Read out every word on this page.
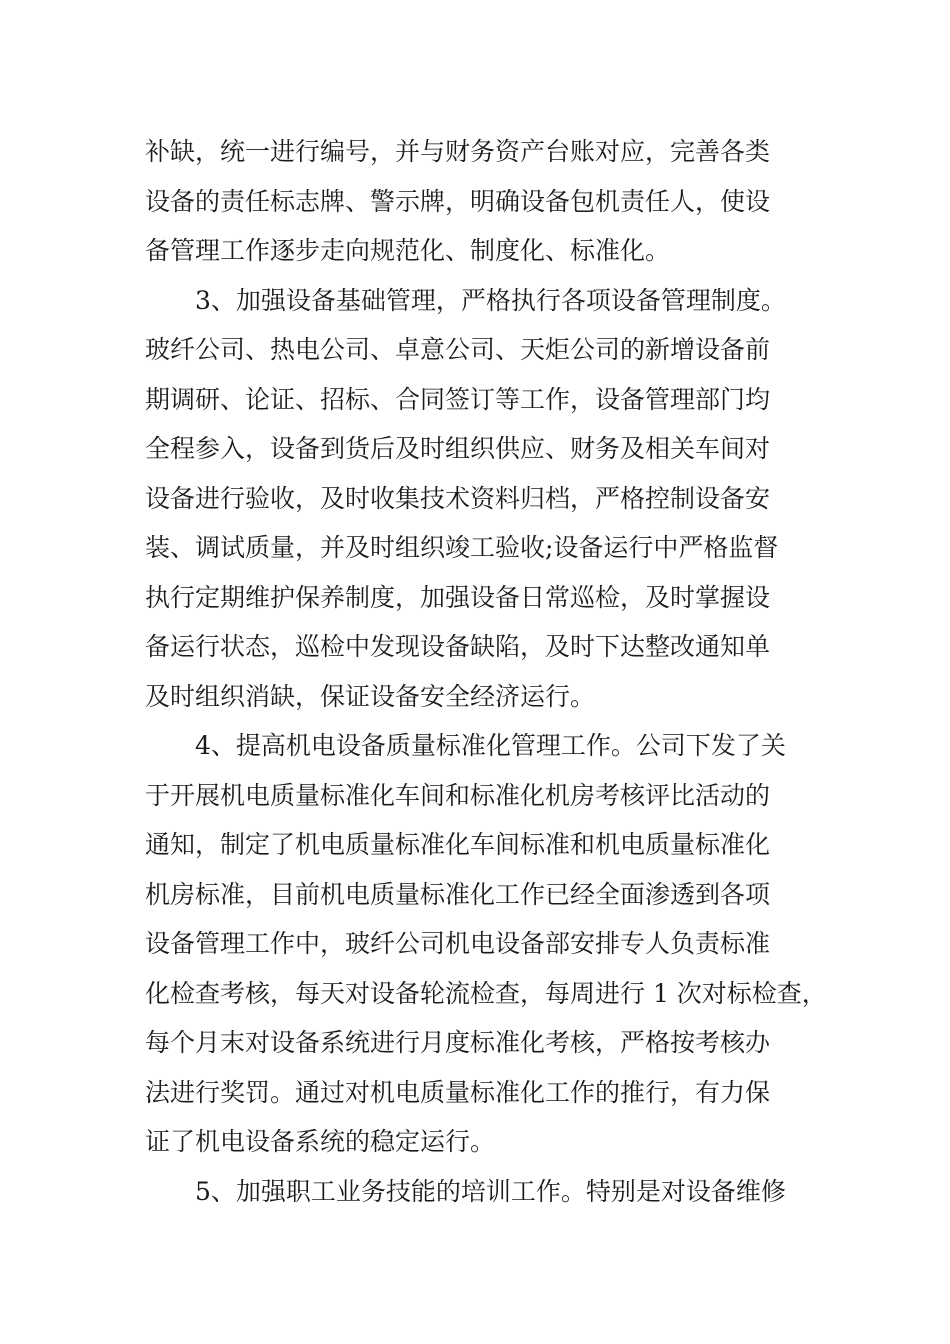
补缺，统一进行编号，并与财务资产台账对应，完善各类
设备的责任标志牌、警示牌，明确设备包机责任人，使设
备管理工作逐步走向规范化、制度化、标准化。
3、加强设备基础管理，严格执行各项设备管理制度。
玻纤公司、热电公司、卓意公司、天炬公司的新增设备前
期调研、论证、招标、合同签订等工作，设备管理部门均
全程参入，设备到货后及时组织供应、财务及相关车间对
设备进行验收，及时收集技术资料归档，严格控制设备安
装、调试质量，并及时组织竣工验收;设备运行中严格监督
执行定期维护保养制度，加强设备日常巡检，及时掌握设
备运行状态，巡检中发现设备缺陷，及时下达整改通知单
及时组织消缺，保证设备安全经济运行。
4、提高机电设备质量标准化管理工作。公司下发了关
于开展机电质量标准化车间和标准化机房考核评比活动的
通知，制定了机电质量标准化车间标准和机电质量标准化
机房标准，目前机电质量标准化工作已经全面渗透到各项
设备管理工作中，玻纤公司机电设备部安排专人负责标准
化检查考核，每天对设备轮流检查，每周进行 1 次对标检查，
每个月末对设备系统进行月度标准化考核，严格按考核办
法进行奖罚。通过对机电质量标准化工作的推行，有力保
证了机电设备系统的稳定运行。
5、加强职工业务技能的培训工作。特别是对设备维修
